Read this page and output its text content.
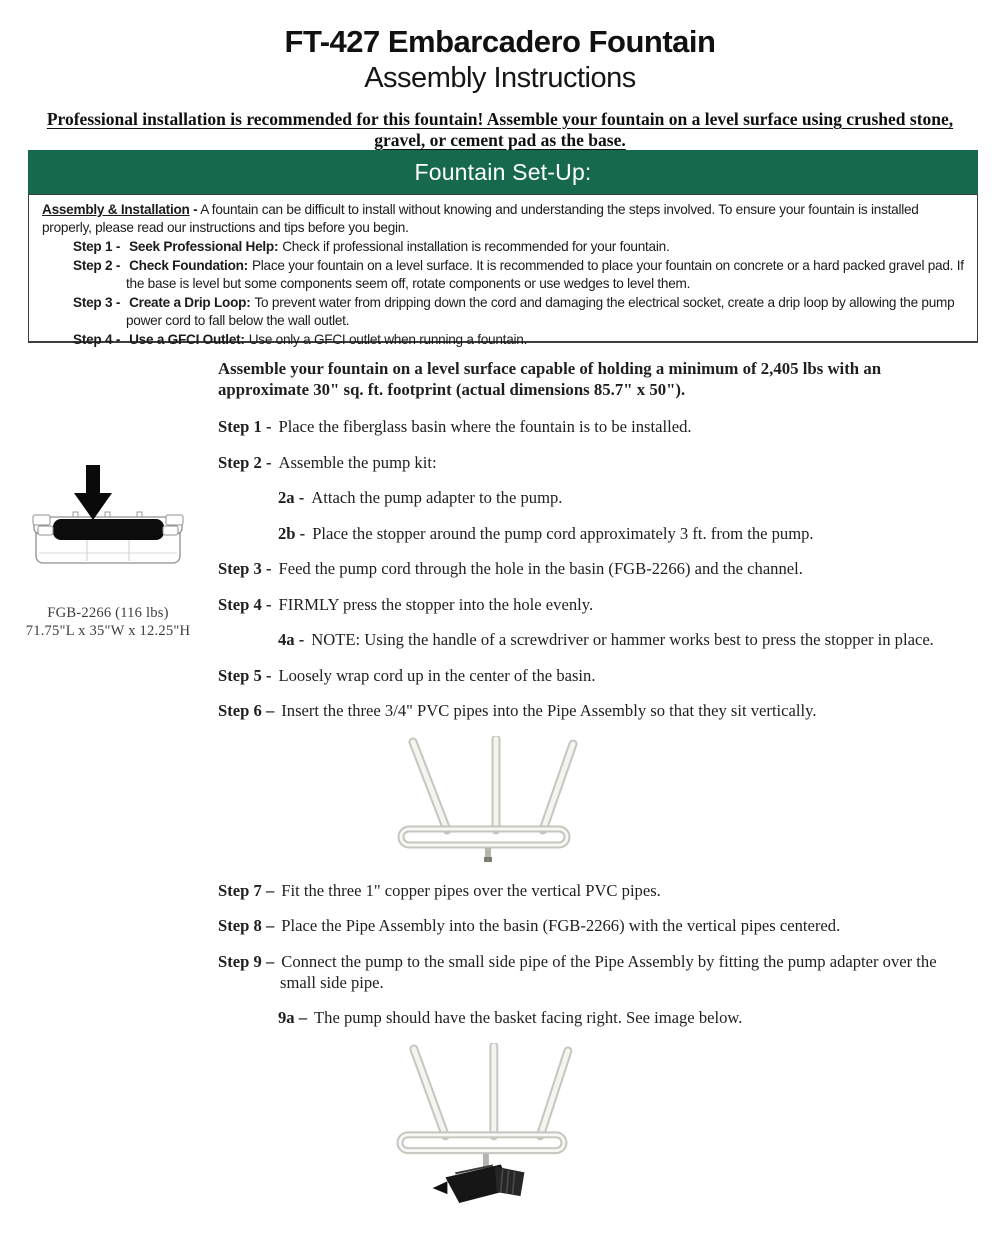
FT-427 Embarcadero Fountain
Assembly Instructions
Professional installation is recommended for this fountain! Assemble your fountain on a level surface using crushed stone,
gravel, or cement pad as the base.
Fountain Set-Up:

Assembly & Installation - A fountain can be difficult to install without knowing and understanding the steps involved. To ensure your fountain is installed properly, please read our instructions and tips before you begin.

Step 1 - Seek Professional Help: Check if professional installation is recommended for your fountain.

Step 2 - Check Foundation: Place your fountain on a level surface. It is recommended to place your fountain on concrete or a hard packed gravel pad. If the base is level but some components seem off, rotate components or use wedges to level them.

Step 3 - Create a Drip Loop: To prevent water from dripping down the cord and damaging the electrical socket, create a drip loop by allowing the pump power cord to fall below the wall outlet.

Step 4 - Use a GFCI Outlet: Use only a GFCI outlet when running a fountain.

FGB-2266 (116 lbs)
71.75"L x 35"W x 12.25"H
Assemble your fountain on a level surface capable of holding a minimum of 2,405 lbs with an
approximate 30" sq. ft. footprint (actual dimensions 85.7" x 50").

Step 1 - Place the fiberglass basin where the fountain is to be installed.

Step 2 - Assemble the pump kit:

2a - Attach the pump adapter to the pump.

2b - Place the stopper around the pump cord approximately 3 ft. from the pump.

Step 3 - Feed the pump cord through the hole in the basin (FGB-2266) and the channel.

Step 4 - FIRMLY press the stopper into the hole evenly.

4a - NOTE: Using the handle of a screwdriver or hammer works best to press the stopper in place.

Step 5 - Loosely wrap cord up in the center of the basin.

Step 6 – Insert the three 3/4" PVC pipes into the Pipe Assembly so that they sit vertically.

Step 7 – Fit the three 1" copper pipes over the vertical PVC pipes.

Step 8 – Place the Pipe Assembly into the basin (FGB-2266) with the vertical pipes centered.

Step 9 – Connect the pump to the small side pipe of the Pipe Assembly by fitting the pump adapter over the small side pipe.

9a – The pump should have the basket facing right. See image below.
